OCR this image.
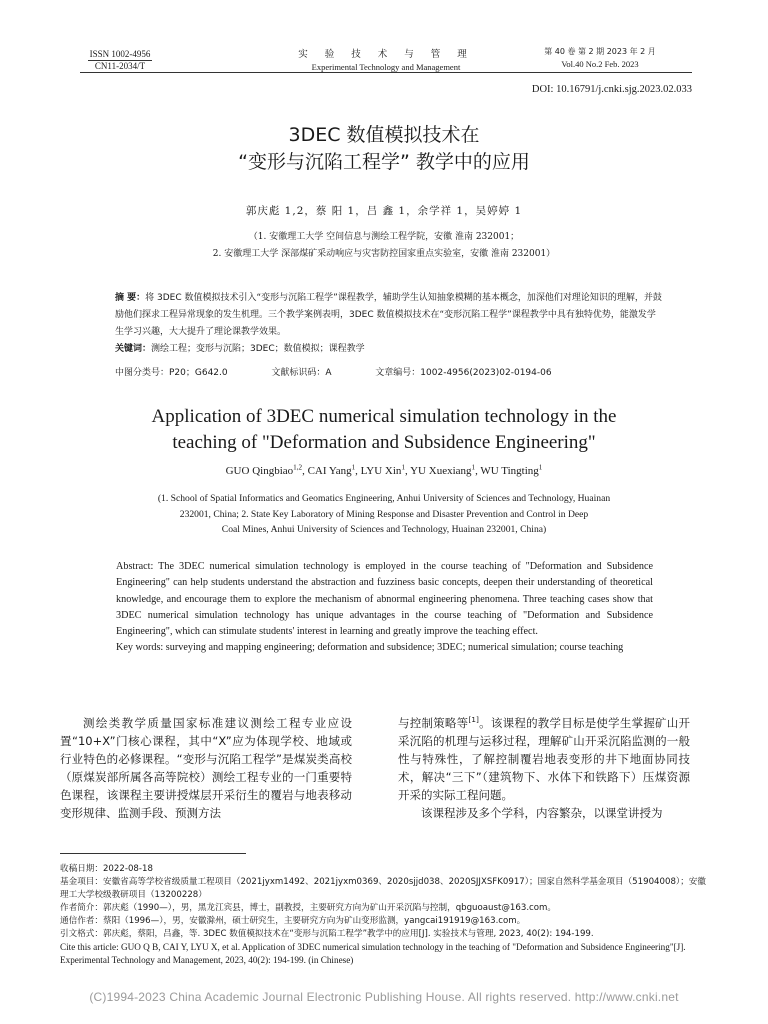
ISSN 1002-4956
CN11-2034/T
实 验 技 术 与 管 理
Experimental Technology and Management
第 40 卷 第 2 期 2023 年 2 月
Vol.40 No.2 Feb. 2023
DOI: 10.16791/j.cnki.sjg.2023.02.033
3DEC 数值模拟技术在
“变形与沉陷工程学” 教学中的应用
郭庆彪 1,2，蔡 阳 1，吕 鑫 1，余学祥 1，吴婷婷 1
（1. 安徽理工大学 空间信息与测绘工程学院，安徽 淮南 232001；
2. 安徽理工大学 深部煤矿采动响应与灾害防控国家重点实验室，安徽 淮南 232001）
摘 要：将 3DEC 数值模拟技术引入“变形与沉陷工程学”课程教学，辅助学生认知抽象模糊的基本概念，加深他们对理论知识的理解，并鼓励他们探求工程异常现象的发生机理。三个教学案例表明，3DEC 数值模拟技术在“变形沉陷工程学”课程教学中具有独特优势，能激发学生学习兴趣，大大提升了理论课教学效果。
关键词：测绘工程；变形与沉陷；3DEC；数值模拟；课程教学
中图分类号：P20；G642.0	文献标识码：A	文章编号：1002-4956(2023)02-0194-06
Application of 3DEC numerical simulation technology in the
teaching of "Deformation and Subsidence Engineering"
GUO Qingbiao$^{1,2}$, CAI Yang$^1$, LYU Xin$^1$, YU Xuexiang$^1$, WU Tingting$^1$
(1. School of Spatial Informatics and Geomatics Engineering, Anhui University of Sciences and Technology, Huainan
232001, China; 2. State Key Laboratory of Mining Response and Disaster Prevention and Control in Deep
Coal Mines, Anhui University of Sciences and Technology, Huainan 232001, China)
Abstract: The 3DEC numerical simulation technology is employed in the course teaching of "Deformation and Subsidence Engineering" can help students understand the abstraction and fuzziness basic concepts, deepen their understanding of theoretical knowledge, and encourage them to explore the mechanism of abnormal engineering phenomena. Three teaching cases show that 3DEC numerical simulation technology has unique advantages in the course teaching of "Deformation and Subsidence Engineering", which can stimulate students' interest in learning and greatly improve the teaching effect.
Key words: surveying and mapping engineering; deformation and subsidence; 3DEC; numerical simulation; course teaching
测绘类教学质量国家标准建议测绘工程专业应设置“10+X”门核心课程，其中“X”应为体现学校、地域或行业特色的必修课程。“变形与沉陷工程学”是煤炭类高校（原煤炭部所属各高等院校）测绘工程专业的一门重要特色课程，该课程主要讲授煤层开采衍生的覆岩与地表移动变形规律、监测手段、预测方法
与控制策略等[1]。该课程的教学目标是使学生掌握矿山开采沉陷的机理与运移过程，理解矿山开采沉陷监测的一般性与特殊性，了解控制覆岩地表变形的井下地面协同技术，解决“三下”（建筑物下、水体下和铁路下）压煤资源开采的实际工程问题。
该课程涉及多个学科，内容繁杂，以课堂讲授为
收稿日期：2022-08-18
基金项目：安徽省高等学校省级质量工程项目（2021jyxm1492、2021jyxm0369、2020sjjd038、2020SJJXSFK0917）；国家自然科学基金项目（51904008）；安徽理工大学校级教研项目（13200228）
作者简介：郭庆彪（1990—），男，黑龙江宾县，博士，副教授，主要研究方向为矿山开采沉陷与控制，qbguoaust@163.com。
通信作者：蔡阳（1996—），男，安徽滁州，硕士研究生，主要研究方向为矿山变形监测，yangcai191919@163.com。
引文格式：郭庆彪，蔡阳，吕鑫，等. 3DEC 数值模拟技术在“变形与沉陷工程学”教学中的应用[J]. 实验技术与管理, 2023, 40(2): 194-199.
Cite this article: GUO Q B, CAI Y, LYU X, et al. Application of 3DEC numerical simulation technology in the teaching of "Deformation and Subsidence Engineering"[J]. Experimental Technology and Management, 2023, 40(2): 194-199. (in Chinese)
(C)1994-2023 China Academic Journal Electronic Publishing House. All rights reserved. http://www.cnki.net
